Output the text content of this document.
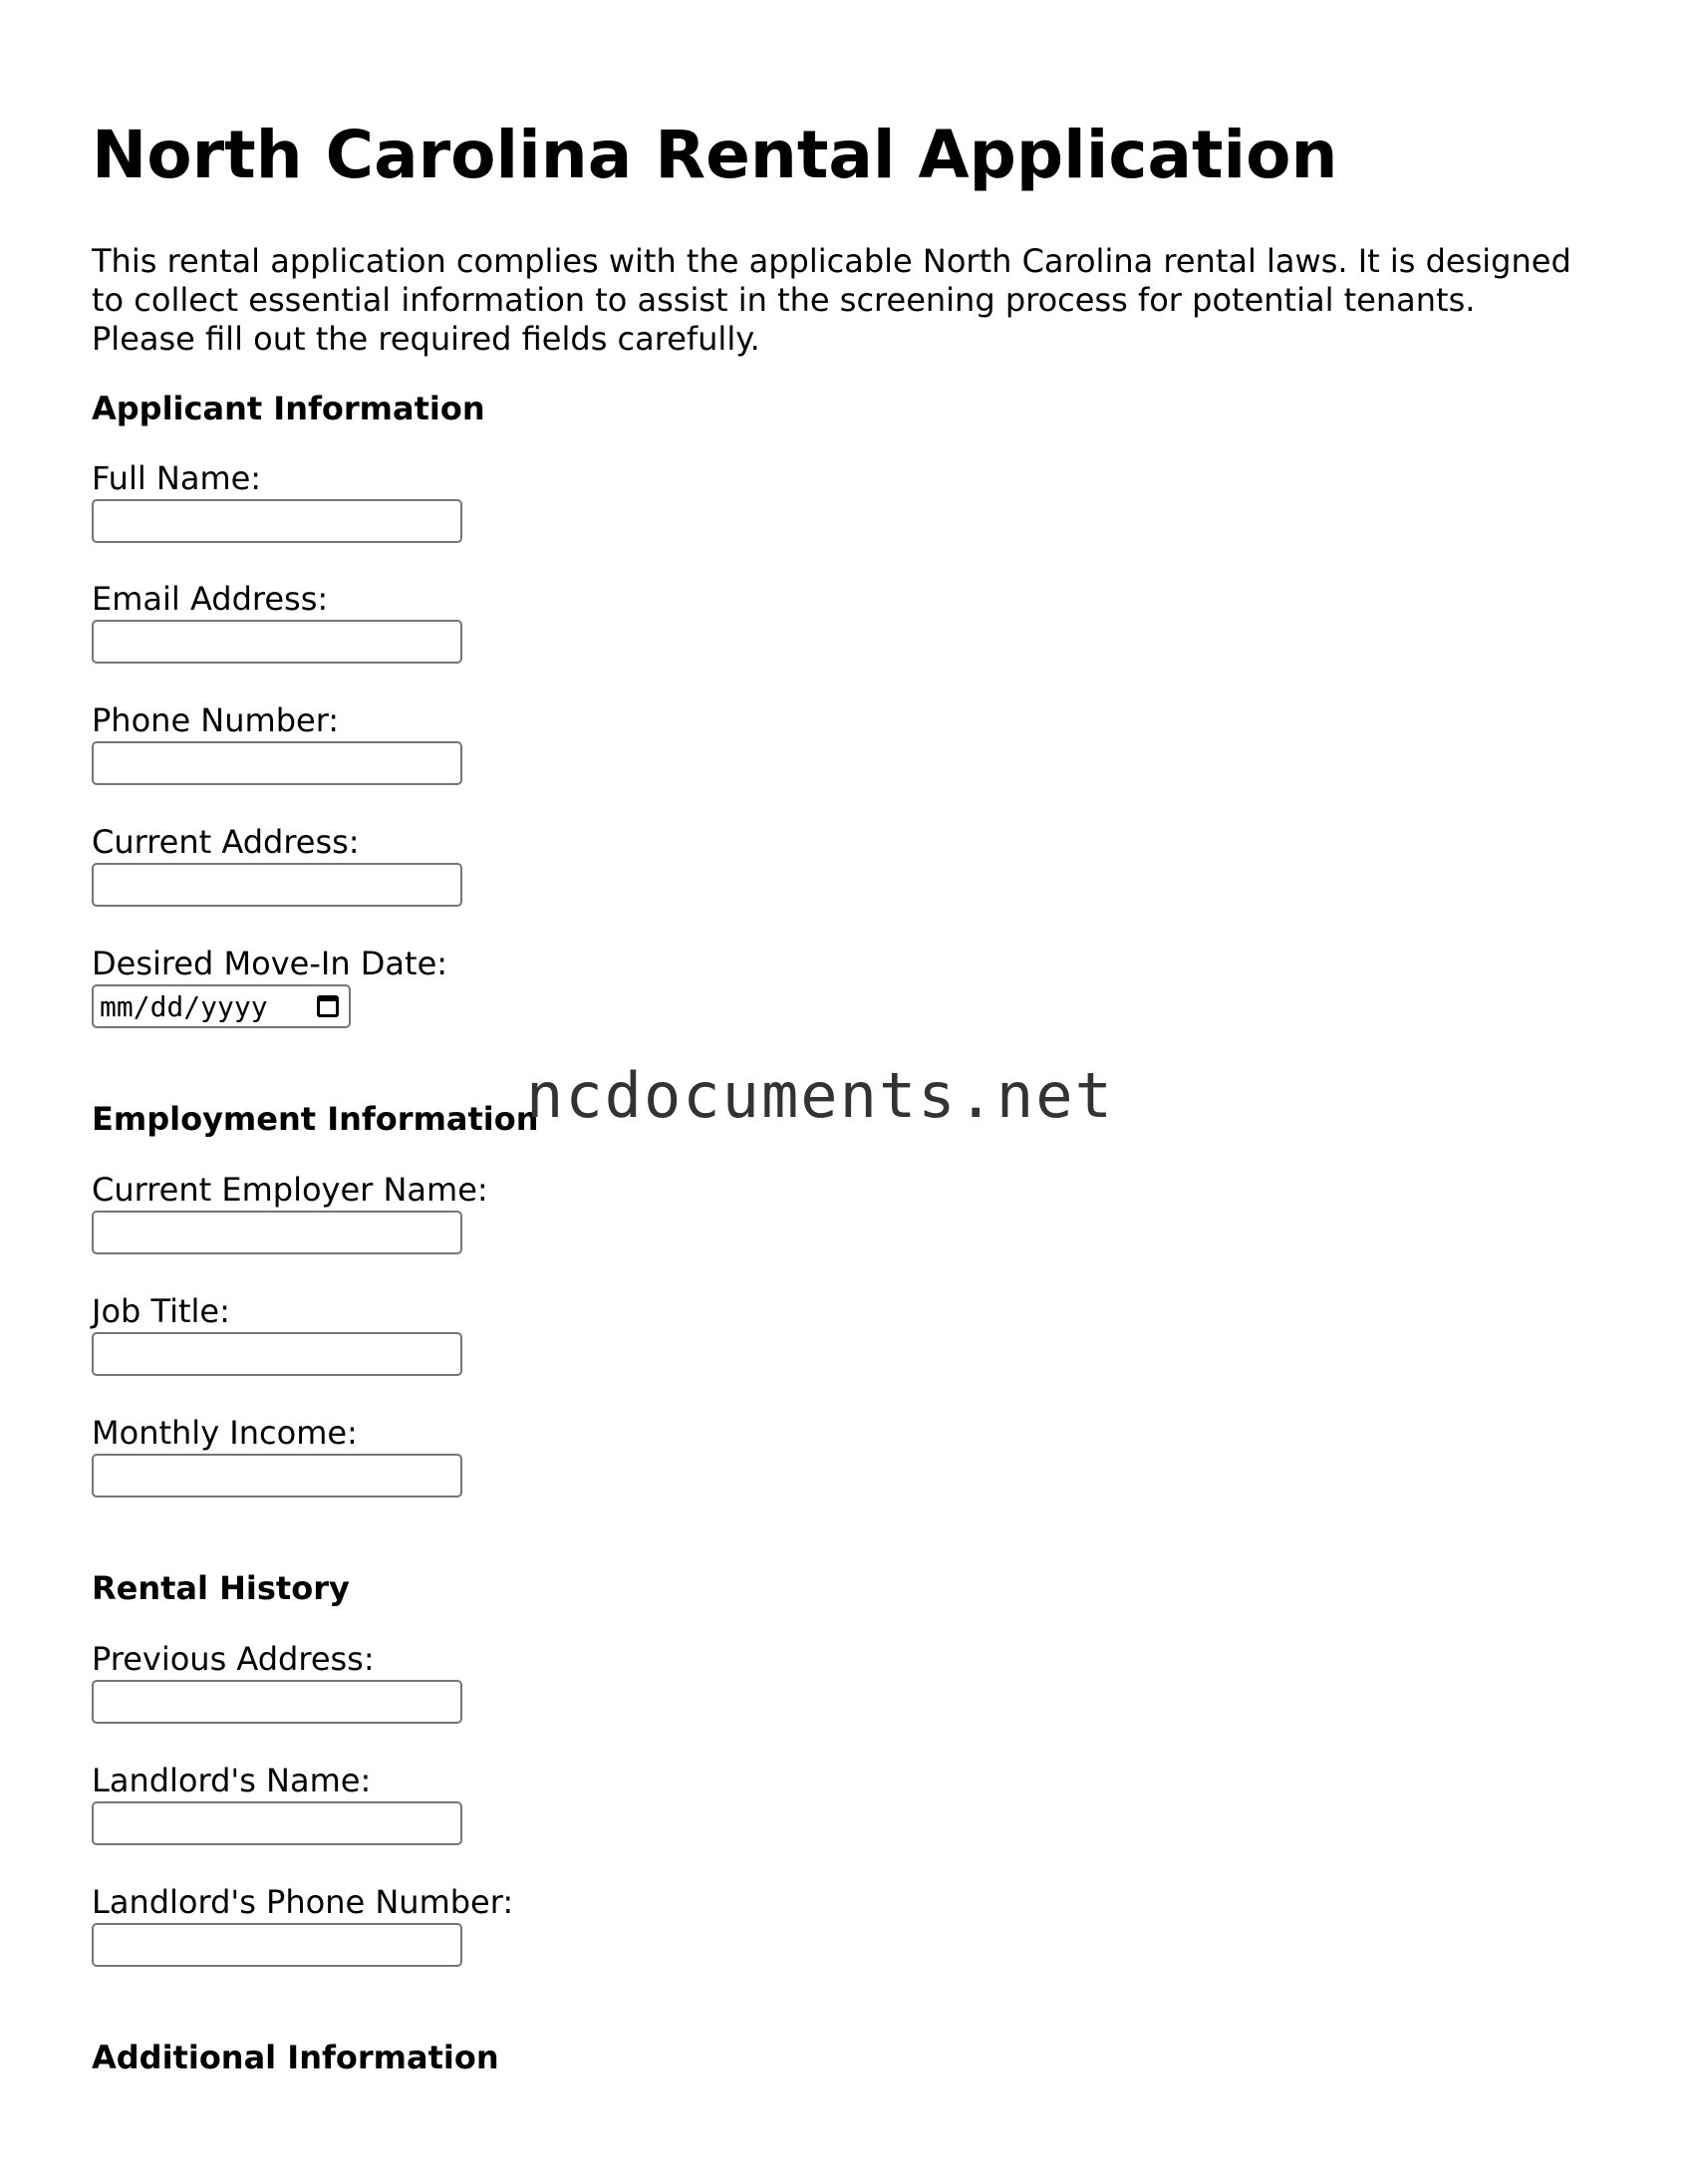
North Carolina Rental Application

This rental application complies with the applicable North Carolina rental laws. It is designed to collect essential information to assist in the screening process for potential tenants. Please fill out the required fields carefully.

Applicant Information
Full Name:
Email Address:
Phone Number:
Current Address:
Desired Move-In Date:
mm/dd/yyyy
Employment Information
Current Employer Name:
Job Title:
Monthly Income:
Rental History
Previous Address:
Landlord's Name:
Landlord's Phone Number:
Additional Information
ncdocuments.net
